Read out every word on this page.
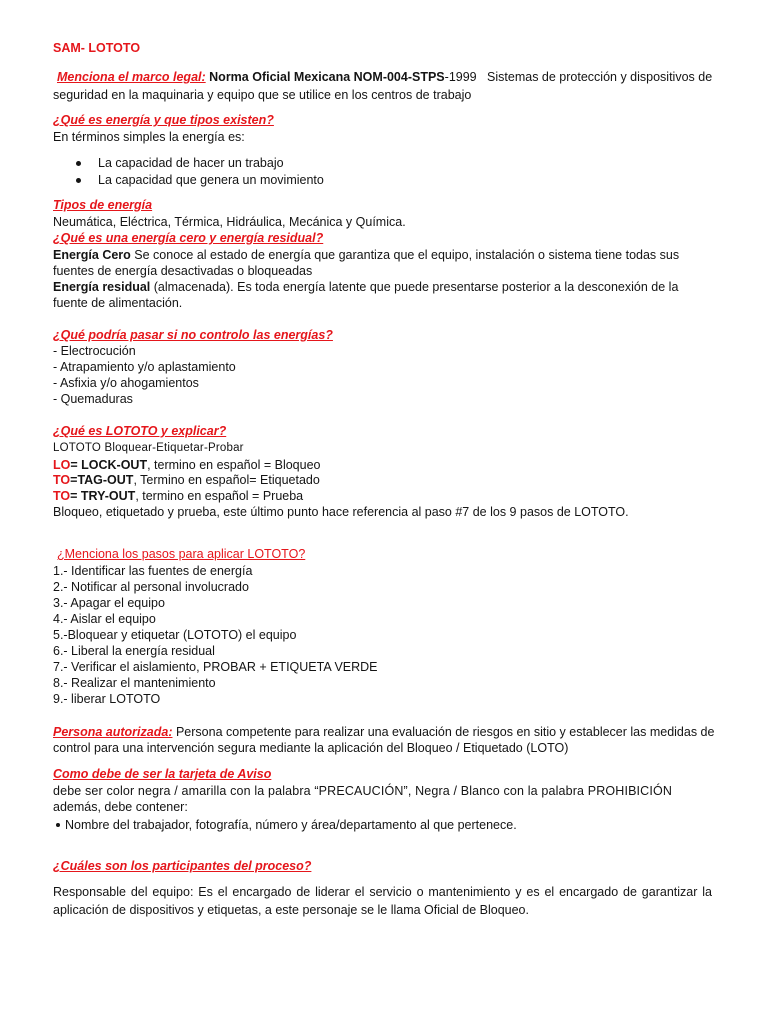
SAM- LOTOTO
Menciona el marco legal: Norma Oficial Mexicana NOM-004-STPS-1999   Sistemas de protección y dispositivos de
seguridad en la maquinaria y equipo que se utilice en los centros de trabajo
¿Qué es energía y que tipos existen?
En términos simples la energía es:
La capacidad de hacer un trabajo
La capacidad que genera un movimiento
Tipos de energía
Neumática, Eléctrica, Térmica, Hidráulica, Mecánica y Química.
¿Qué es una energía cero y energía residual?
Energía Cero Se conoce al estado de energía que garantiza que el equipo, instalación o sistema tiene todas sus
fuentes de energía desactivadas o bloqueadas
Energía residual (almacenada). Es toda energía latente que puede presentarse posterior a la desconexión de la
fuente de alimentación.
¿Qué podría pasar si no controlo las energías?
- Electrocución
- Atrapamiento y/o aplastamiento
- Asfixia y/o ahogamientos
- Quemaduras
¿Qué es LOTOTO y explicar?
LOTOTO Bloquear-Etiquetar-Probar
LO= LOCK-OUT, termino en español = Bloqueo
TO=TAG-OUT, Termino en español= Etiquetado
TO= TRY-OUT, termino en español = Prueba
Bloqueo, etiquetado y prueba, este último punto hace referencia al paso #7 de los 9 pasos de LOTOTO.
¿Menciona los pasos para aplicar LOTOTO?
1.- Identificar las fuentes de energía
2.- Notificar al personal involucrado
3.- Apagar el equipo
4.- Aislar el equipo
5.-Bloquear y etiquetar (LOTOTO) el equipo
6.- Liberal la energía residual
7.- Verificar el aislamiento, PROBAR + ETIQUETA VERDE
8.- Realizar el mantenimiento
9.- liberar LOTOTO
Persona autorizada: Persona competente para realizar una evaluación de riesgos en sitio y establecer las medidas de
control para una intervención segura mediante la aplicación del Bloqueo / Etiquetado (LOTO)
Como debe de ser la tarjeta de Aviso
debe ser color negra / amarilla con la palabra “PRECAUCIÓN”, Negra / Blanco con la palabra PROHIBICIÓN
además, debe contener:
Nombre del trabajador, fotografía, número y área/departamento al que pertenece.
¿Cuáles son los participantes del proceso?
Responsable del equipo: Es el encargado de liderar el servicio o mantenimiento y es el encargado de garantizar la
aplicación de dispositivos y etiquetas, a este personaje se le llama Oficial de Bloqueo.
